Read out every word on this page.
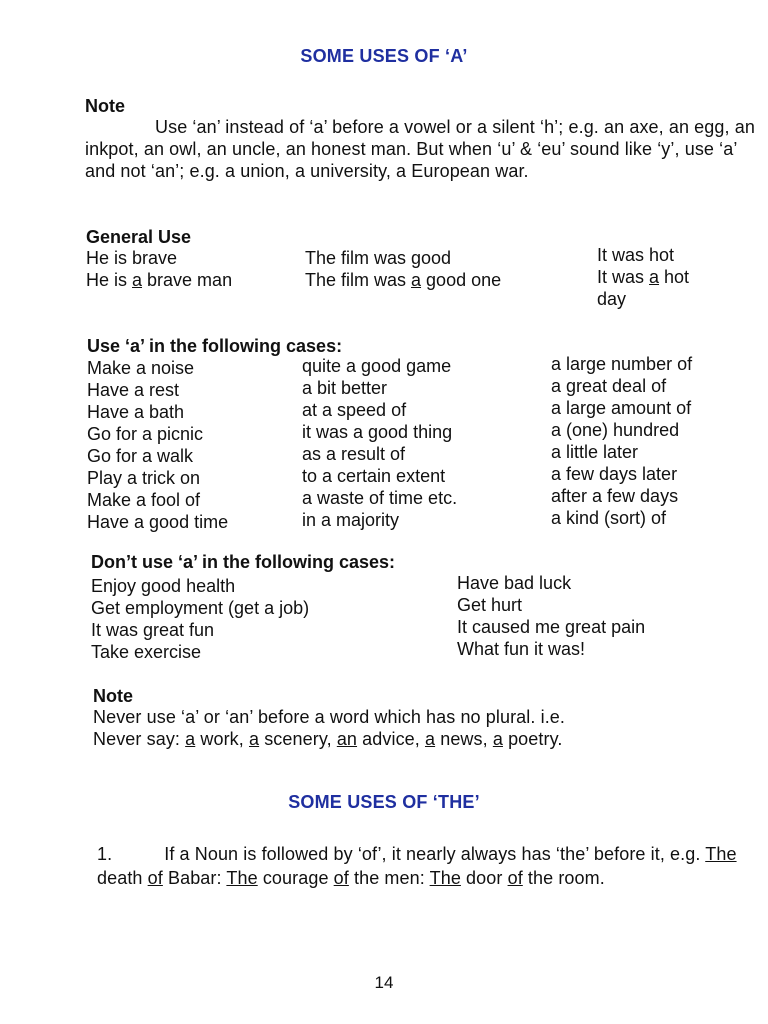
SOME USES OF ‘A’
Note
Use ‘an’ instead of ‘a’ before a vowel or a silent ‘h’; e.g. an axe, an egg, an inkpot, an owl, an uncle, an honest man. But when ‘u’ & ‘eu’ sound like ‘y’, use ‘a’ and not ‘an’; e.g. a union, a university, a European war.
General Use
He is brave
He is a brave man
The film was good
The film was a good one
It was hot
It was a hot
day
Use ‘a’ in the following cases:
Make a noise
Have a rest
Have a bath
Go for a picnic
Go for a walk
Play a trick on
Make a fool of
Have a good time
quite a good game
a bit better
at a speed of
it was a good thing
as a result of
to a certain extent
a waste of time etc.
in a majority
a large number of
a great deal of
a large amount of
a (one) hundred
a little later
a few days later
after a few days
a kind (sort) of
Don’t use ‘a’ in the following cases:
Enjoy good health
Get employment (get a job)
It was great fun
Take exercise
Have bad luck
Get hurt
It caused me great pain
What fun it was!
Note
Never use ‘a’ or ‘an’ before a word which has no plural. i.e.
Never say: a work, a scenery, an advice, a news, a poetry.
SOME USES OF ‘THE’
1.	If a Noun is followed by ‘of’, it nearly always has ‘the’ before it, e.g. The death of Babar: The courage of the men: The door of the room.
14
